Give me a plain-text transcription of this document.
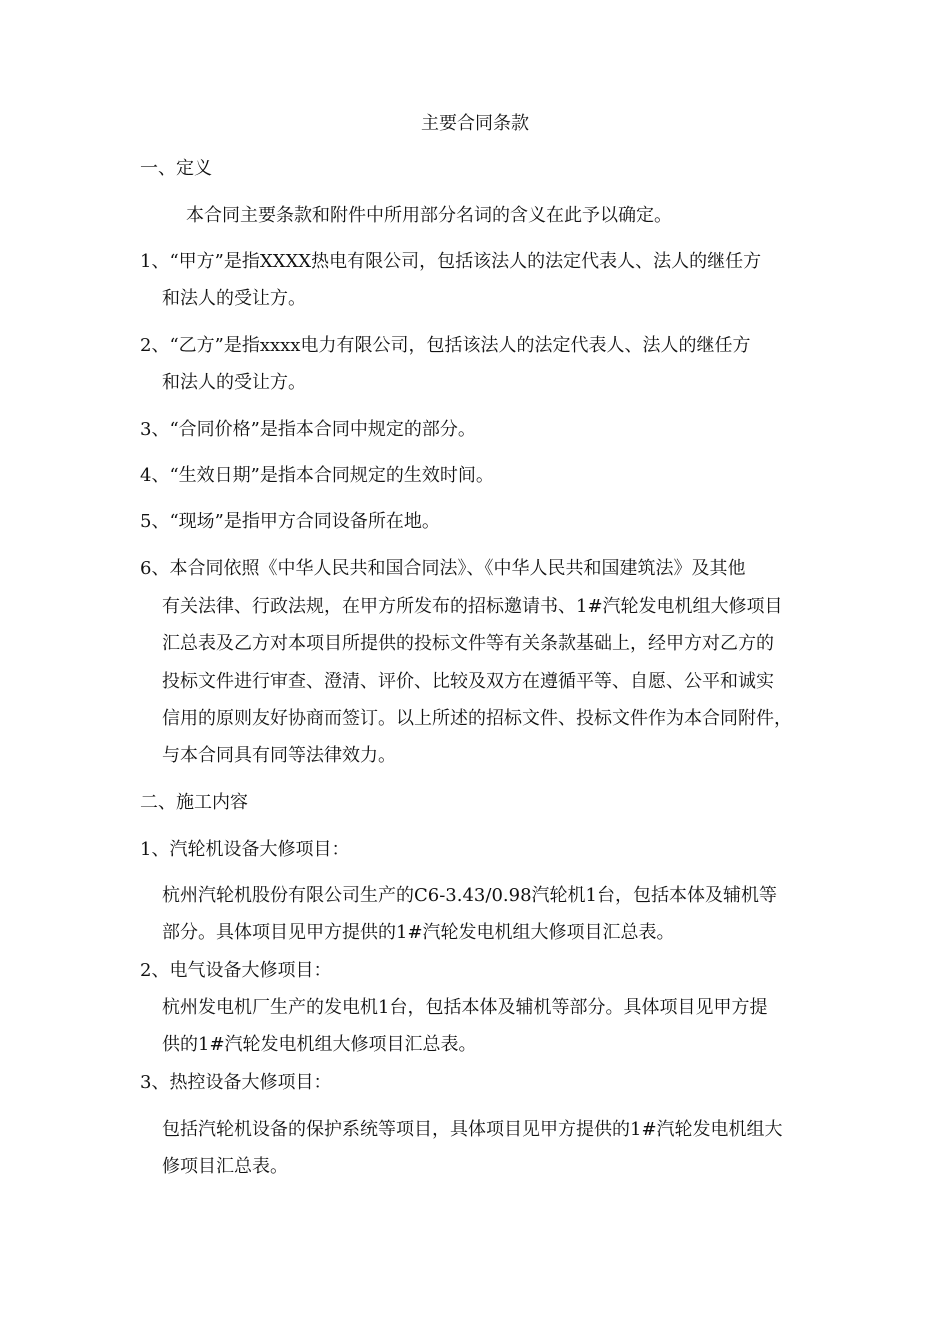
主要合同条款
一、定义
本合同主要条款和附件中所用部分名词的含义在此予以确定。
1、“甲方”是指XXXX热电有限公司，包括该法人的法定代表人、法人的继任方
和法人的受让方。
2、“乙方”是指xxxx电力有限公司，包括该法人的法定代表人、法人的继任方
和法人的受让方。
3、“合同价格”是指本合同中规定的部分。
4、“生效日期”是指本合同规定的生效时间。
5、“现场”是指甲方合同设备所在地。
6、本合同依照《中华人民共和国合同法》、《中华人民共和国建筑法》及其他
有关法律、行政法规，在甲方所发布的招标邀请书、1#汽轮发电机组大修项目
汇总表及乙方对本项目所提供的投标文件等有关条款基础上，经甲方对乙方的
投标文件进行审查、澄清、评价、比较及双方在遵循平等、自愿、公平和诚实
信用的原则友好协商而签订。以上所述的招标文件、投标文件作为本合同附件，
与本合同具有同等法律效力。
二、施工内容
1、汽轮机设备大修项目：
杭州汽轮机股份有限公司生产的C6-3.43/0.98汽轮机1台，包括本体及辅机等
部分。具体项目见甲方提供的1#汽轮发电机组大修项目汇总表。
2、电气设备大修项目：
杭州发电机厂生产的发电机1台，包括本体及辅机等部分。具体项目见甲方提
供的1#汽轮发电机组大修项目汇总表。
3、热控设备大修项目：
包括汽轮机设备的保护系统等项目，具体项目见甲方提供的1#汽轮发电机组大
修项目汇总表。
